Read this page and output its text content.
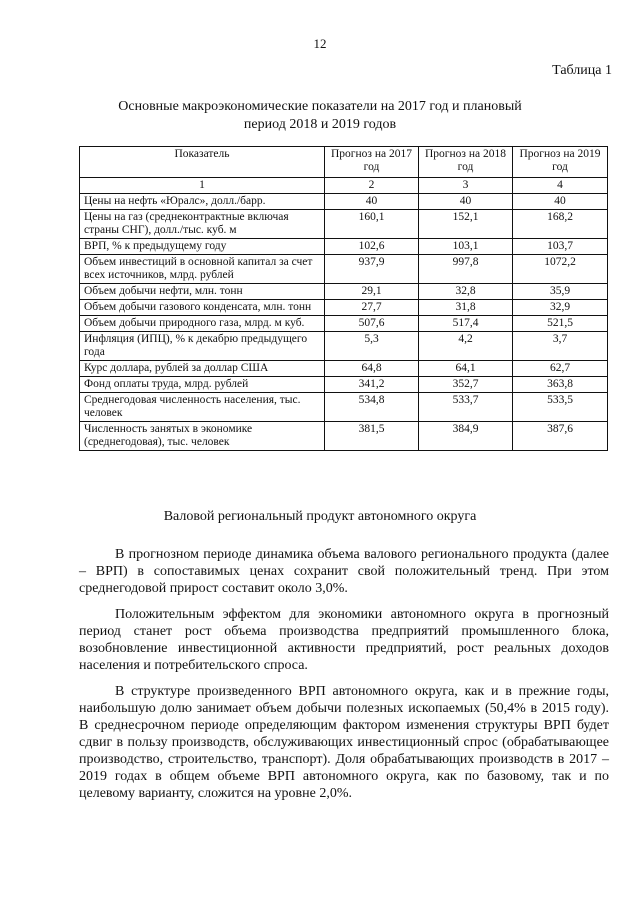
12
Таблица 1
Основные макроэкономические показатели на 2017 год и плановый
период 2018 и 2019 годов
Показатель	Прогноз на 2017 год	Прогноз на 2018 год	Прогноз на 2019 год
1	2	3	4
Цены на нефть «Юралс», долл./барр.	40	40	40
Цены на газ (среднеконтрактные включая страны СНГ), долл./тыс. куб. м	160,1	152,1	168,2
ВРП, % к предыдущему году	102,6	103,1	103,7
Объем инвестиций в основной капитал за счет всех источников, млрд. рублей	937,9	997,8	1072,2
Объем добычи нефти, млн. тонн	29,1	32,8	35,9
Объем добычи газового конденсата, млн. тонн	27,7	31,8	32,9
Объем добычи природного газа, млрд. м куб.	507,6	517,4	521,5
Инфляция (ИПЦ), % к декабрю предыдущего года	5,3	4,2	3,7
Курс доллара, рублей за доллар США	64,8	64,1	62,7
Фонд оплаты труда, млрд. рублей	341,2	352,7	363,8
Среднегодовая численность населения, тыс. человек	534,8	533,7	533,5
Численность занятых в экономике (среднегодовая), тыс. человек	381,5	384,9	387,6
Валовой региональный продукт автономного округа

В прогнозном периоде динамика объема валового регионального продукта (далее – ВРП) в сопоставимых ценах сохранит свой положительный тренд. При этом среднегодовой прирост составит около 3,0%.

Положительным эффектом для экономики автономного округа в прогнозный период станет рост объема производства предприятий промышленного блока, возобновление инвестиционной активности предприятий, рост реальных доходов населения и потребительского спроса.

В структуре произведенного ВРП автономного округа, как и в прежние годы, наибольшую долю занимает объем добычи полезных ископаемых (50,4% в 2015 году). В среднесрочном периоде определяющим фактором изменения структуры ВРП будет сдвиг в пользу производств, обслуживающих инвестиционный спрос (обрабатывающее производство, строительство, транспорт). Доля обрабатывающих производств в 2017 – 2019 годах в общем объеме ВРП автономного округа, как по базовому, так и по целевому варианту, сложится на уровне 2,0%.
